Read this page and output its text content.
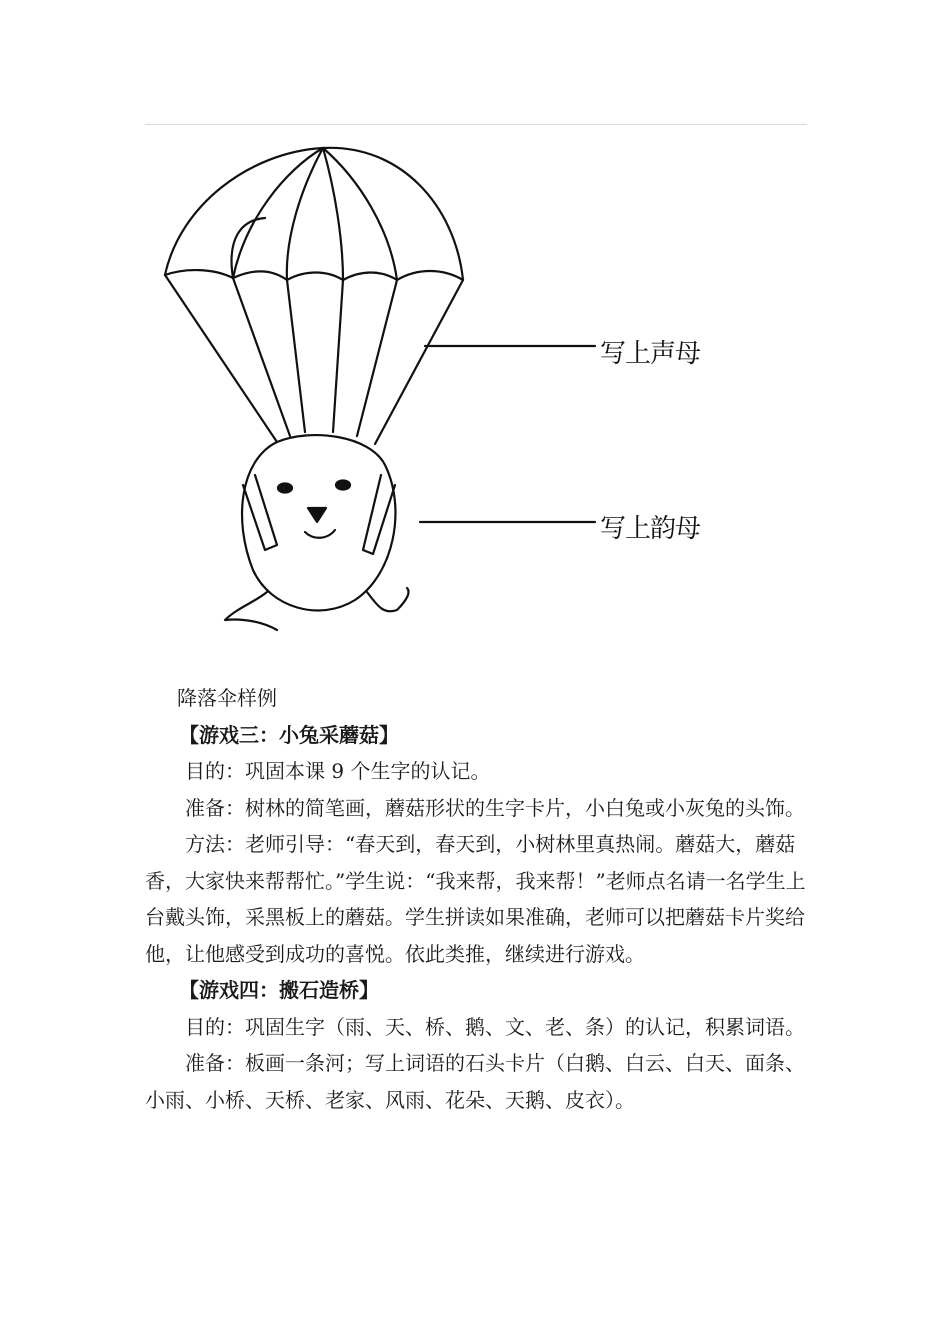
写上声母
写上韵母

降落伞样例

【游戏三：小兔采蘑菇】

目的：巩固本课 9 个生字的认记。

准备：树林的简笔画，蘑菇形状的生字卡片，小白兔或小灰兔的头饰。

方法：老师引导：“春天到，春天到，小树林里真热闹。蘑菇大，蘑菇香，大家快来帮帮忙。”学生说：“我来帮，我来帮！”老师点名请一名学生上台戴头饰，采黑板上的蘑菇。学生拼读如果准确，老师可以把蘑菇卡片奖给他，让他感受到成功的喜悦。依此类推，继续进行游戏。

【游戏四：搬石造桥】

目的：巩固生字（雨、天、桥、鹅、文、老、条）的认记，积累词语。

准备：板画一条河；写上词语的石头卡片（白鹅、白云、白天、面条、小雨、小桥、天桥、老家、风雨、花朵、天鹅、皮衣）。
